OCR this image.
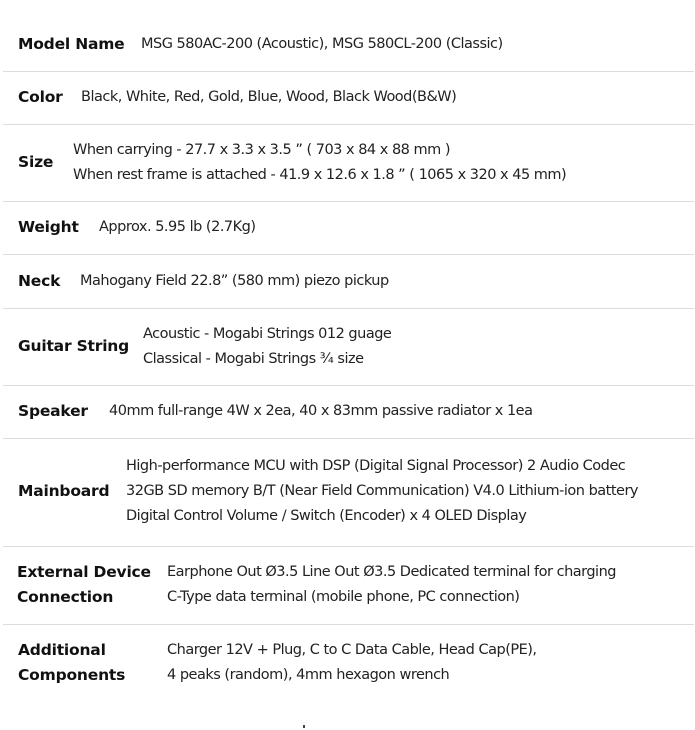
Model Name MSG 580AC-200 (Acoustic), MSG 580CL-200 (Classic)
Color Black, White, Red, Gold, Blue, Wood, Black Wood(B&W)
Size
When carrying - 27.7 x 3.3 x 3.5 ” ( 703 x 84 x 88 mm )
When rest frame is attached - 41.9 x 12.6 x 1.8 ” ( 1065 x 320 x 45 mm)
Weight Approx. 5.95 lb (2.7Kg)
Neck Mahogany Field 22.8” (580 mm) piezo pickup
Guitar String
Acoustic - Mogabi Strings 012 guage
Classical - Mogabi Strings ¾ size
Speaker 40mm full-range 4W x 2ea, 40 x 83mm passive radiator x 1ea
Mainboard
High-performance MCU with DSP (Digital Signal Processor) 2 Audio Codec
32GB SD memory B/T (Near Field Communication) V4.0 Lithium-ion battery
Digital Control Volume / Switch (Encoder) x 4 OLED Display
External Device
Connection
Earphone Out Ø3.5 Line Out Ø3.5 Dedicated terminal for charging
C-Type data terminal (mobile phone, PC connection)
Additional
Components
Charger 12V + Plug, C to C Data Cable, Head Cap(PE),
4 peaks (random), 4mm hexagon wrench
